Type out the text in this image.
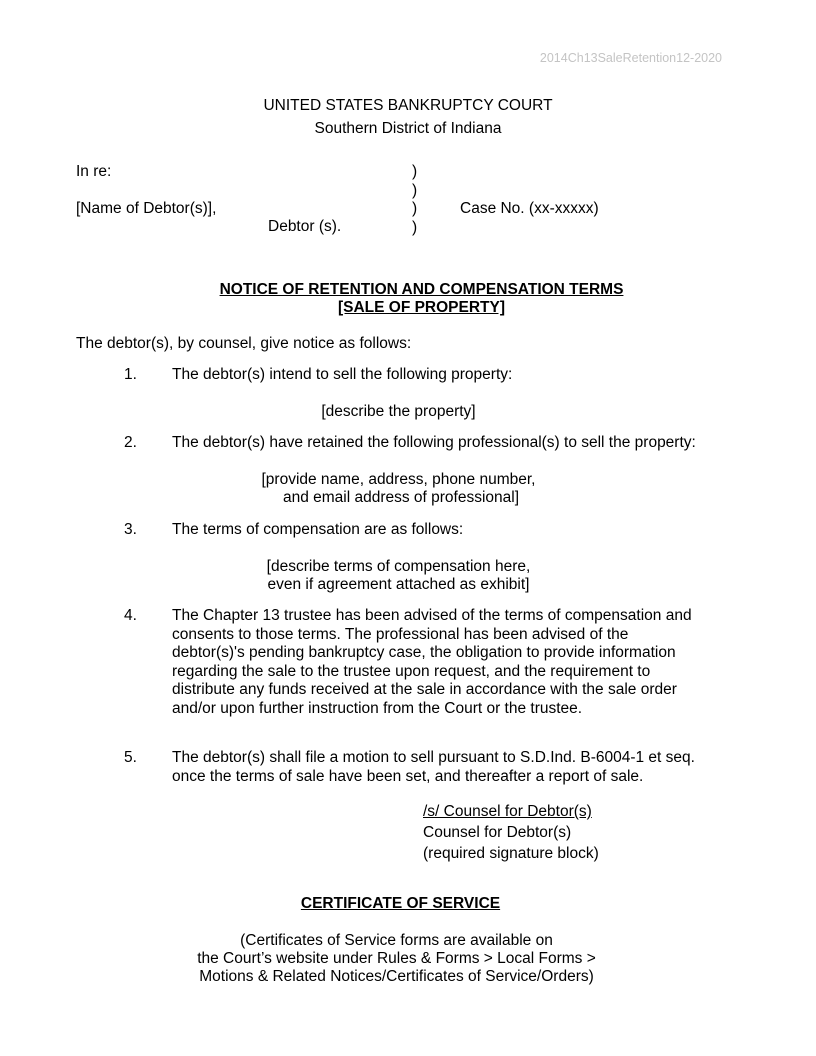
2014Ch13SaleRetention12-2020
UNITED STATES BANKRUPTCY COURT
Southern District of Indiana
In re:
[Name of Debtor(s)],
Debtor (s).
)
)
)
)
Case No. (xx-xxxxx)
NOTICE OF RETENTION AND COMPENSATION TERMS
[SALE OF PROPERTY]
The debtor(s), by counsel, give notice as follows:
1. The debtor(s) intend to sell the following property:
[describe the property]
2. The debtor(s) have retained the following professional(s) to sell the property:
[provide name, address, phone number,
and email address of professional]
3. The terms of compensation are as follows:
[describe terms of compensation here,
even if agreement attached as exhibit]
4. The Chapter 13 trustee has been advised of the terms of compensation and
consents to those terms. The professional has been advised of the
debtor(s)'s pending bankruptcy case, the obligation to provide information
regarding the sale to the trustee upon request, and the requirement to
distribute any funds received at the sale in accordance with the sale order
and/or upon further instruction from the Court or the trustee.
5. The debtor(s) shall file a motion to sell pursuant to S.D.Ind. B-6004-1 et seq.
once the terms of sale have been set, and thereafter a report of sale.
/s/ Counsel for Debtor(s)
Counsel for Debtor(s)
(required signature block)
CERTIFICATE OF SERVICE
(Certificates of Service forms are available on
the Court’s website under Rules & Forms > Local Forms >
Motions & Related Notices/Certificates of Service/Orders)
